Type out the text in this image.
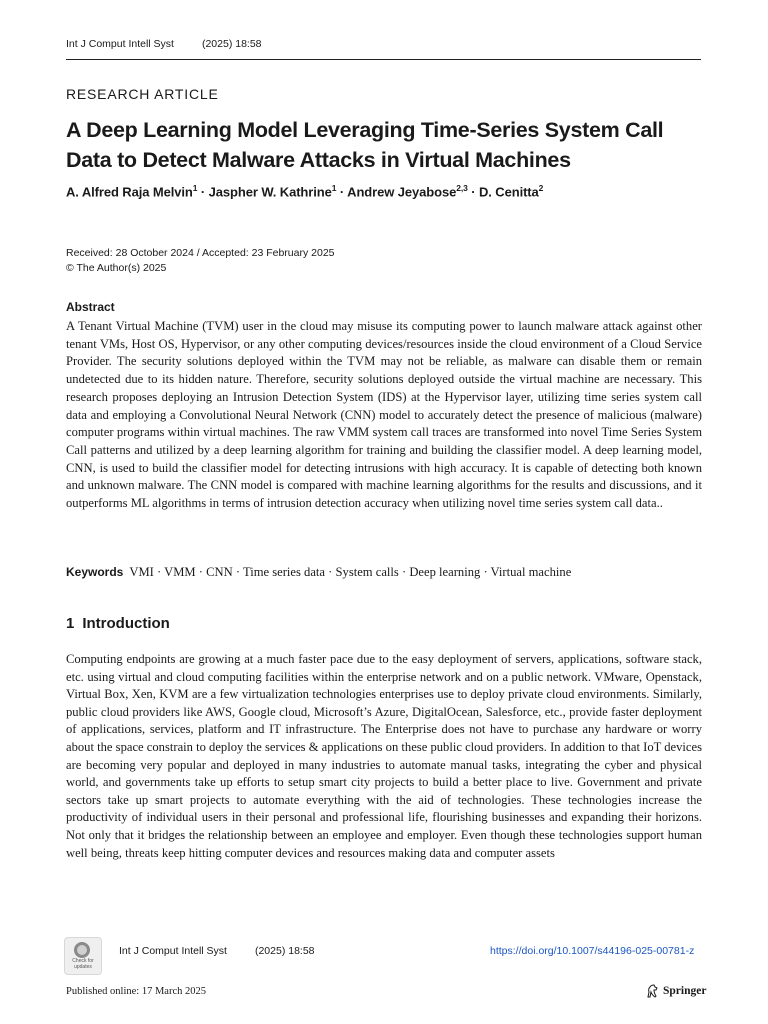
Int J Comput Intell Syst	(2025) 18:58
RESEARCH ARTICLE
A Deep Learning Model Leveraging Time-Series System Call Data to Detect Malware Attacks in Virtual Machines
A. Alfred Raja Melvin$^1$ · Jaspher W. Kathrine$^1$ · Andrew Jeyabose$^{2,3}$ · D. Cenitta$^2$
Received: 28 October 2024 / Accepted: 23 February 2025
© The Author(s) 2025
Abstract

A Tenant Virtual Machine (TVM) user in the cloud may misuse its computing power to launch malware attack against other tenant VMs, Host OS, Hypervisor, or any other computing devices/resources inside the cloud environment of a Cloud Service Provider. The security solutions deployed within the TVM may not be reliable, as malware can disable them or remain undetected due to its hidden nature. Therefore, security solutions deployed outside the virtual machine are necessary. This research proposes deploying an Intrusion Detection System (IDS) at the Hypervisor layer, utilizing time series system call data and employing a Convolutional Neural Network (CNN) model to accurately detect the presence of malicious (malware) computer programs within virtual machines. The raw VMM system call traces are transformed into novel Time Series System Call patterns and utilized by a deep learning algorithm for training and building the classifier model. A deep learning model, CNN, is used to build the classifier model for detecting intrusions with high accuracy. It is capable of detecting both known and unknown malware. The CNN model is compared with machine learning algorithms for the results and discussions, and it outperforms ML algorithms in terms of intrusion detection accuracy when utilizing novel time series system call data..

Keywords VMI · VMM · CNN · Time series data · System calls · Deep learning · Virtual machine
1 Introduction

Computing endpoints are growing at a much faster pace due to the easy deployment of servers, applications, software stack, etc. using virtual and cloud computing facilities within the enterprise network and on a public network. VMware, Openstack, Virtual Box, Xen, KVM are a few virtualization technologies enterprises use to deploy private cloud environments. Similarly, public cloud providers like AWS, Google cloud, Microsoft’s Azure, DigitalOcean, Salesforce, etc., provide faster deployment of applications, services, platform and IT infrastructure. The Enterprise does not have to purchase any hardware or worry about the space constrain to deploy the services & applications on these public cloud providers. In addition to that IoT devices are becoming very popular and deployed in many industries to automate manual tasks, integrating the cyber and physical world, and governments take up efforts to setup smart city projects to build a better place to live. Government and private sectors take up smart projects to automate everything with the aid of technologies. These technologies increase the productivity of individual users in their personal and professional life, flourishing businesses and expanding their horizons. Not only that it bridges the relationship between an employee and employer. Even though these technologies support human well being, threats keep hitting computer devices and resources making data and computer assets

Check for updates
Int J Comput Intell Syst	(2025) 18:58	https://doi.org/10.1007/s44196-025-00781-z
Published online: 17 March 2025	Springer
